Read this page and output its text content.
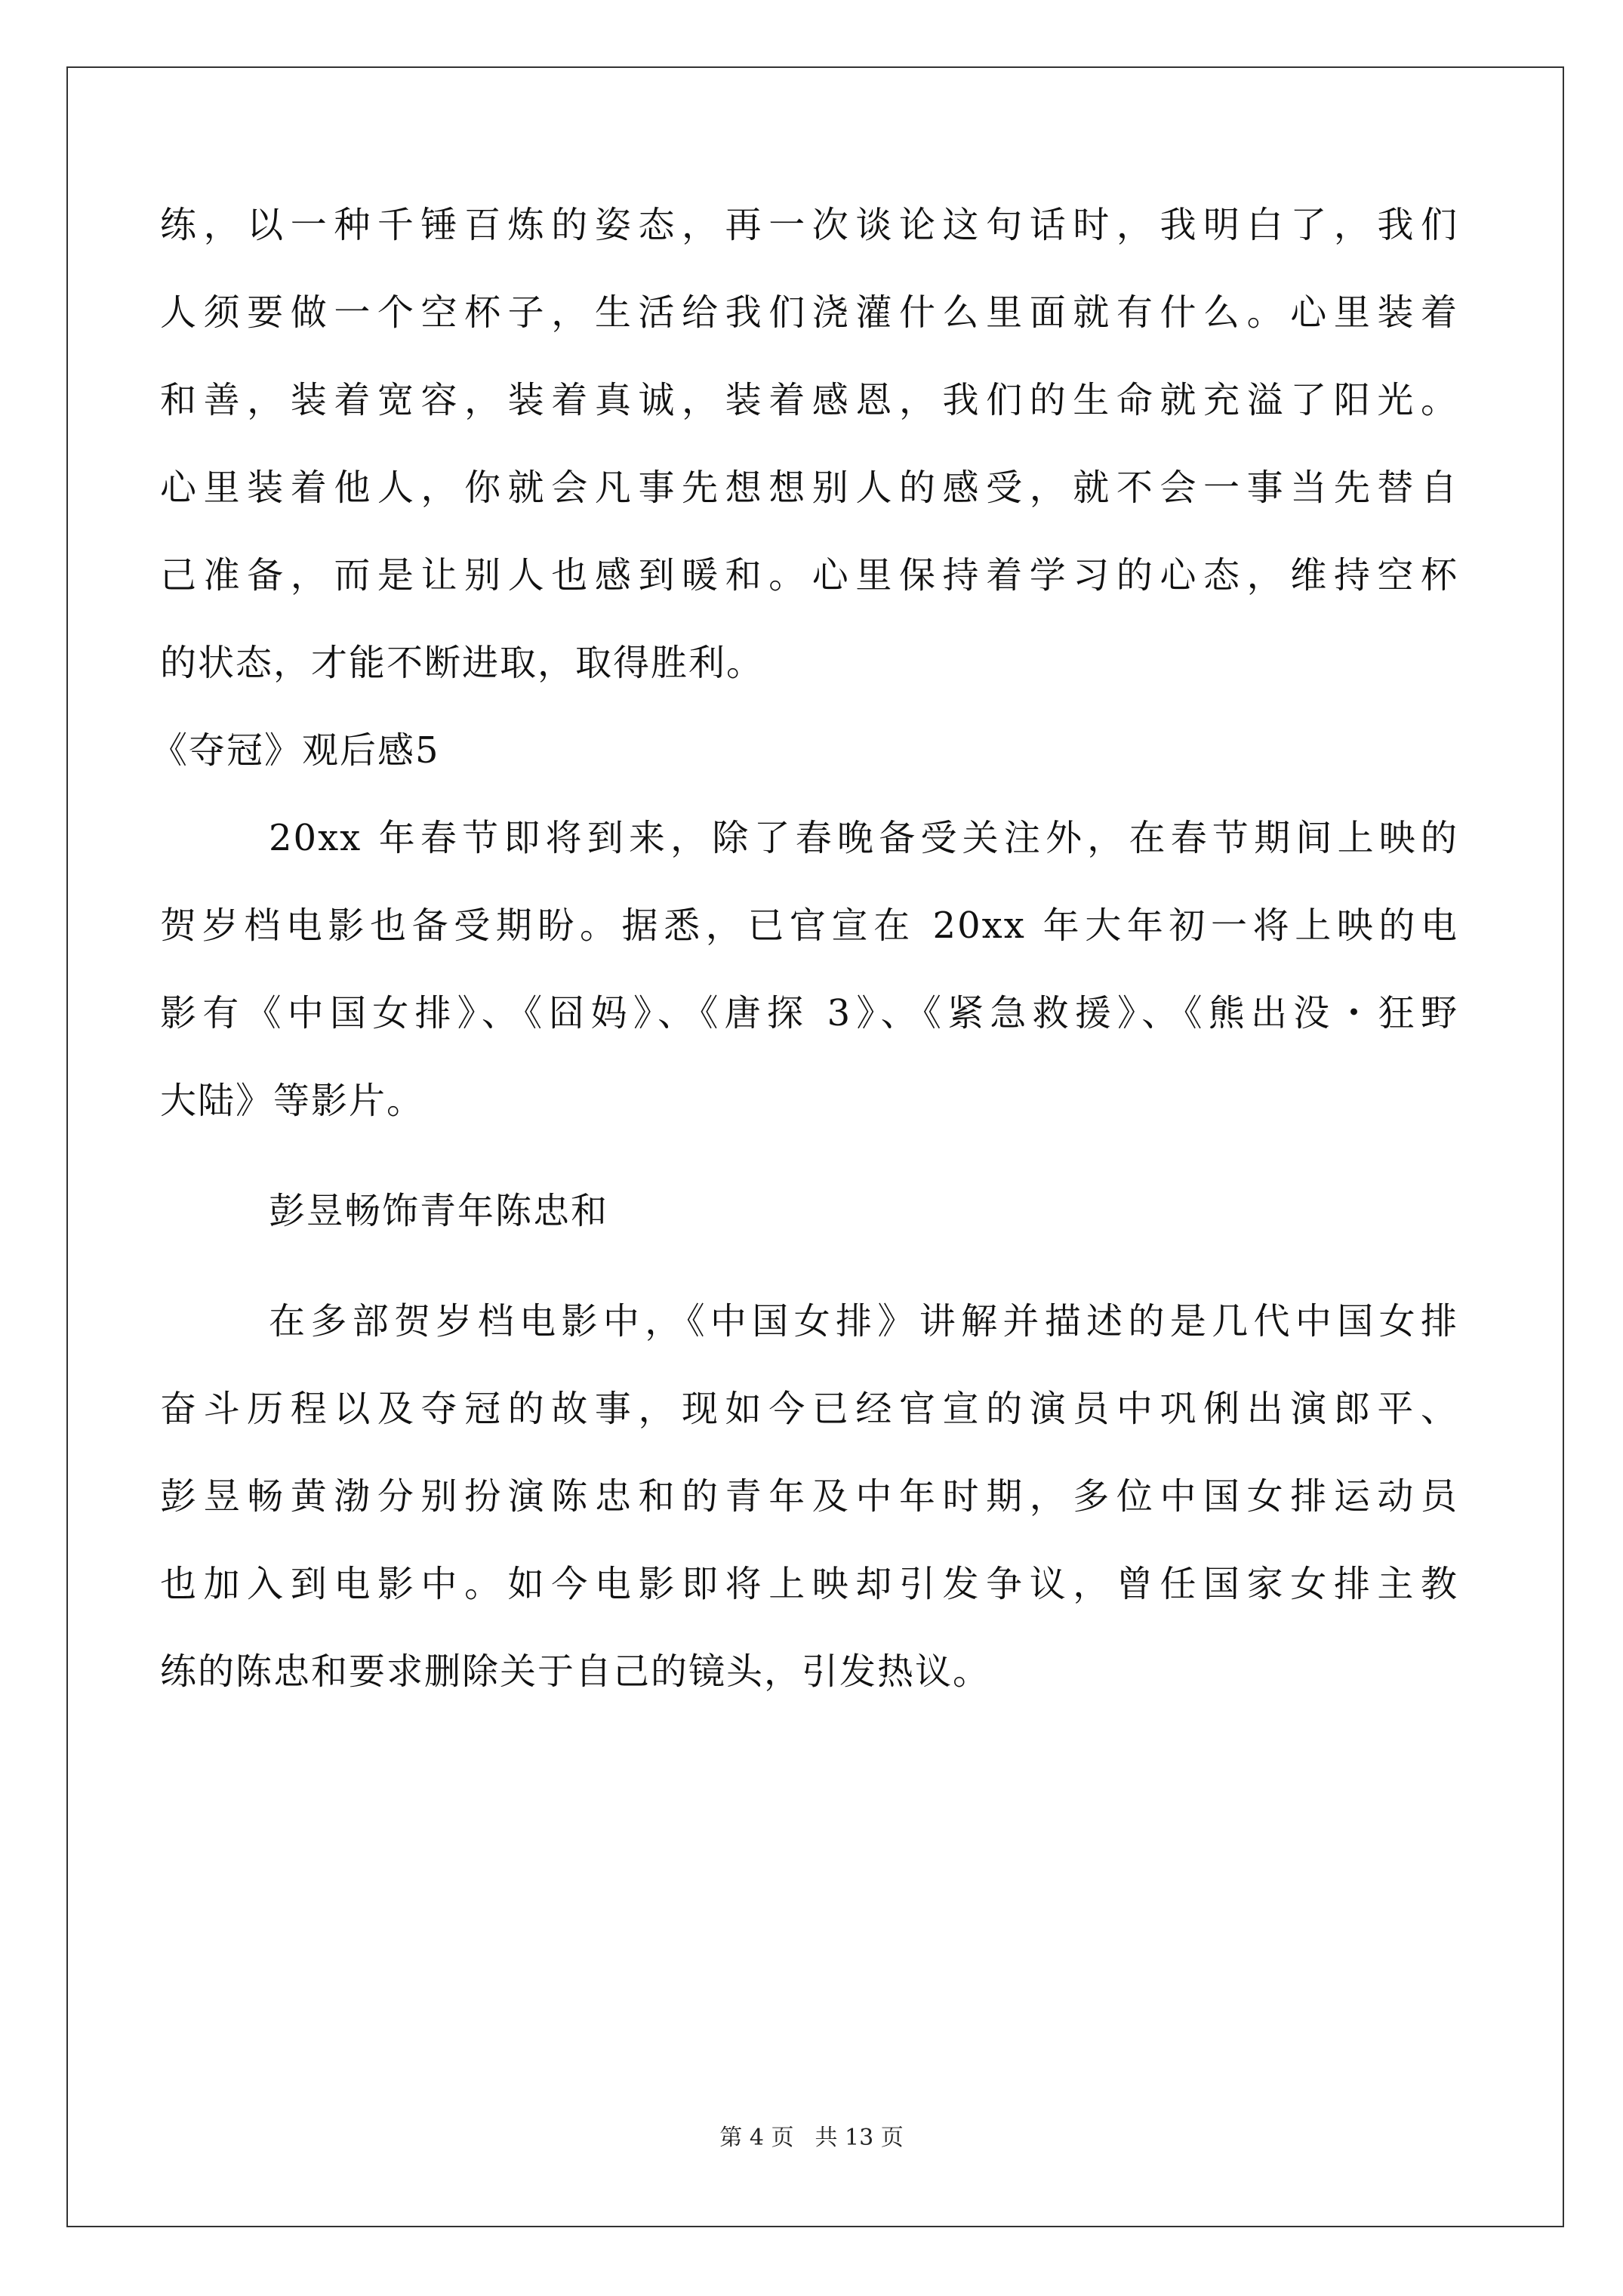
练，以一种千锤百炼的姿态，再一次谈论这句话时，我明白了，我们
人须要做一个空杯子，生活给我们浇灌什么里面就有什么。心里装着
和善，装着宽容，装着真诚，装着感恩，我们的生命就充溢了阳光。
心里装着他人，你就会凡事先想想别人的感受，就不会一事当先替自
己准备，而是让别人也感到暖和。心里保持着学习的心态，维持空杯
的状态，才能不断进取，取得胜利。
《夺冠》观后感5
20xx 年春节即将到来，除了春晚备受关注外，在春节期间上映的
贺岁档电影也备受期盼。据悉，已官宣在 20xx 年大年初一将上映的电
影有《中国女排》、《囧妈》、《唐探 3》、《紧急救援》、《熊出没・狂野
大陆》等影片。
彭昱畅饰青年陈忠和
在多部贺岁档电影中，《中国女排》讲解并描述的是几代中国女排
奋斗历程以及夺冠的故事，现如今已经官宣的演员中巩俐出演郎平、
彭昱畅黄渤分别扮演陈忠和的青年及中年时期，多位中国女排运动员
也加入到电影中。如今电影即将上映却引发争议，曾任国家女排主教
练的陈忠和要求删除关于自己的镜头，引发热议。
第 4 页 共 13 页
